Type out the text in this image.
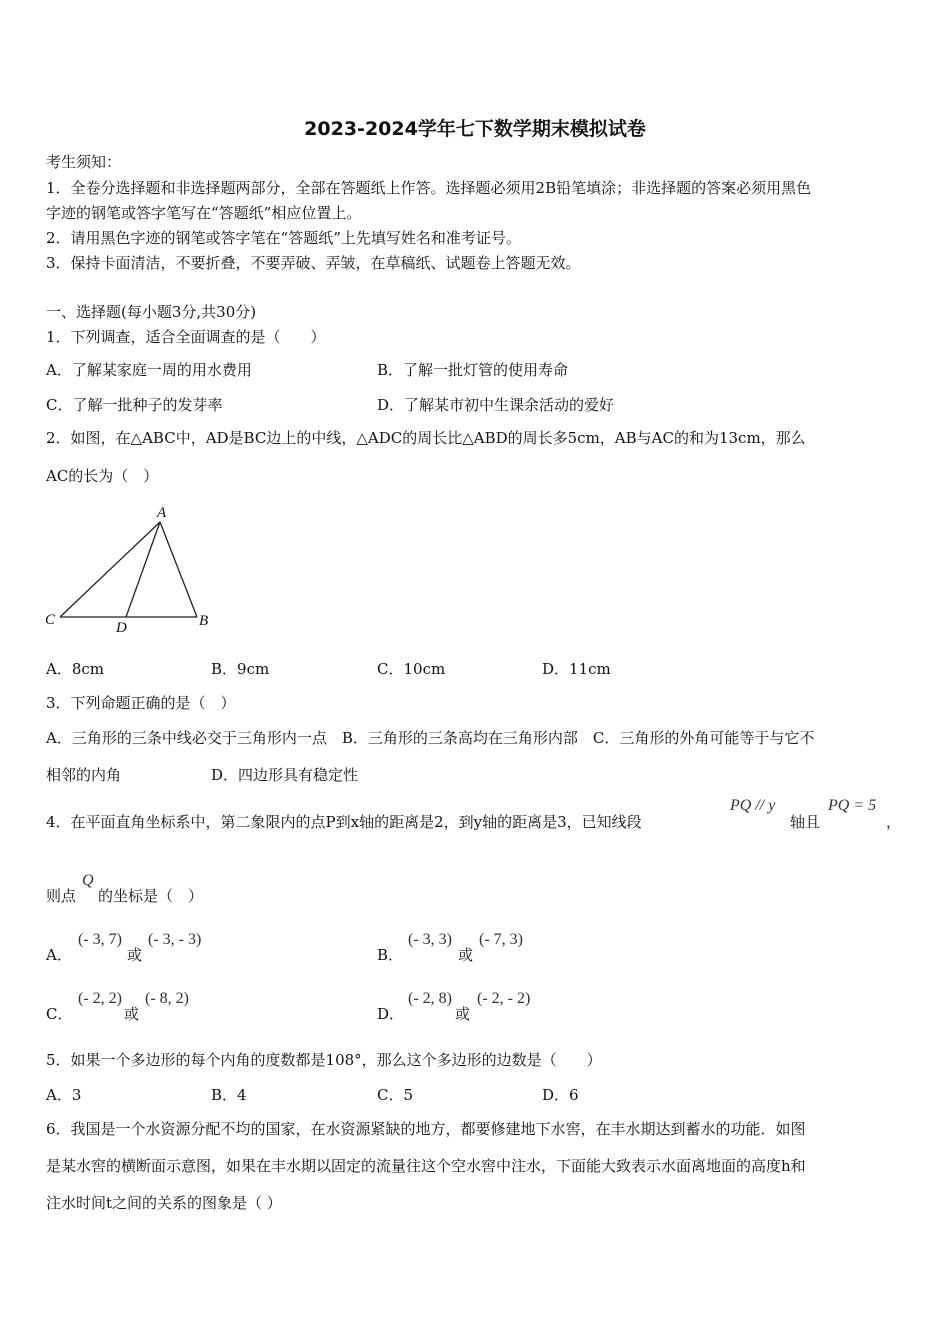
2023-2024学年七下数学期末模拟试卷
考生须知：
1．全卷分选择题和非选择题两部分，全部在答题纸上作答。选择题必须用2B铅笔填涂；非选择题的答案必须用黑色
字迹的钢笔或答字笔写在“答题纸”相应位置上。
2．请用黑色字迹的钢笔或答字笔在“答题纸”上先填写姓名和准考证号。
3．保持卡面清洁，不要折叠，不要弄破、弄皱，在草稿纸、试题卷上答题无效。
一、选择题(每小题3分,共30分)
1．下列调查，适合全面调查的是（　　）
A．了解某家庭一周的用水费用	B．了解一批灯管的使用寿命
C．了解一批种子的发芽率	D．了解某市初中生课余活动的爱好
2．如图，在△ABC中，AD是BC边上的中线，△ADC的周长比△ABD的周长多5cm，AB与AC的和为13cm，那么
AC的长为（　）
A
C	D	B
A．8cm	B．9cm	C．10cm	D．11cm
3．下列命题正确的是（　）
A．三角形的三条中线必交于三角形内一点　B．三角形的三条高均在三角形内部　C．三角形的外角可能等于与它不
相邻的内角	D．四边形具有稳定性
4．在平面直角坐标系中，第二象限内的点P到x轴的距离是2，到y轴的距离是3，已知线段
PQ // y
轴且
PQ = 5
，
则点
Q
的坐标是（　）
A．
(- 3, 7)
或
(- 3, - 3)
B．
(- 3, 3)
或
(- 7, 3)
C．
(- 2, 2)
或
(- 8, 2)
D．
(- 2, 8)
或
(- 2, - 2)
5．如果一个多边形的每个内角的度数都是108°，那么这个多边形的边数是（　　）
A．3	B．4	C．5	D．6
6．我国是一个水资源分配不均的国家，在水资源紧缺的地方，都要修建地下水窖，在丰水期达到蓄水的功能．如图
是某水窖的横断面示意图，如果在丰水期以固定的流量往这个空水窖中注水，下面能大致表示水面离地面的高度h和
注水时间t之间的关系的图象是（ ）
